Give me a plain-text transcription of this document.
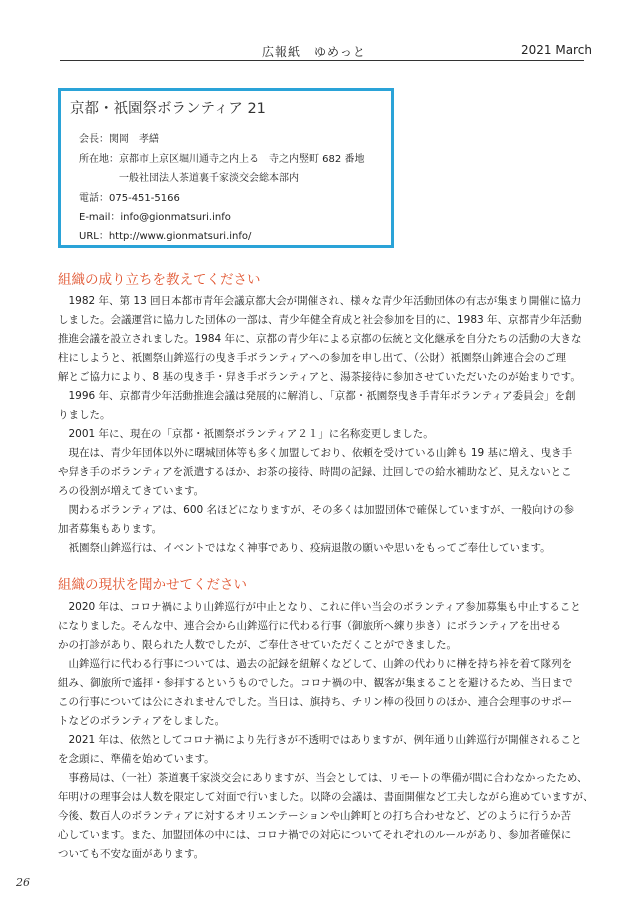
広報紙　ゆめっと	2021 March
京都・祇園祭ボランティア 21
会長：関岡　孝繕
所在地：京都市上京区堀川通寺之内上る　寺之内竪町 682 番地
　　　　一般社団法人茶道裏千家淡交会総本部内
電話：075-451-5166
E-mail：info@gionmatsuri.info
URL：http://www.gionmatsuri.info/
組織の成り立ちを教えてください
　1982 年、第 13 回日本都市青年会議京都大会が開催され、様々な青少年活動団体の有志が集まり開催に協力
しました。会議運営に協力した団体の一部は、青少年健全育成と社会参加を目的に、1983 年、京都青少年活動
推進会議を設立されました。1984 年に、京都の青少年による京都の伝統と文化継承を自分たちの活動の大きな
柱にしようと、祇園祭山鉾巡行の曳き手ボランティアへの参加を申し出て、（公財）祇園祭山鉾連合会のご理
解とご協力により、8 基の曳き手・舁き手ボランティアと、湯茶接待に参加させていただいたのが始まりです。
　1996 年、京都青少年活動推進会議は発展的に解消し、「京都・祇園祭曳き手青年ボランティア委員会」を創
りました。
　2001 年に、現在の「京都・祇園祭ボランティア２１」に名称変更しました。
　現在は、青少年団体以外に曙城団体等も多く加盟しており、依頼を受けている山鉾も 19 基に増え、曳き手
や舁き手のボランティアを派遣するほか、お茶の接待、時間の記録、辻回しでの給水補助など、見えないとこ
ろの役割が増えてきています。
　関わるボランティアは、600 名ほどになりますが、その多くは加盟団体で確保していますが、一般向けの参
加者募集もあります。
　祇園祭山鉾巡行は、イベントではなく神事であり、疫病退散の願いや思いをもってご奉仕しています。
組織の現状を聞かせてください
　2020 年は、コロナ禍により山鉾巡行が中止となり、これに伴い当会のボランティア参加募集も中止すること
になりました。そんな中、連合会から山鉾巡行に代わる行事（御旅所へ練り歩き）にボランティアを出せる
かの打診があり、限られた人数でしたが、ご奉仕させていただくことができました。
　山鉾巡行に代わる行事については、過去の記録を紐解くなどして、山鉾の代わりに榊を持ち裃を着て隊列を
組み、御旅所で遙拝・参拝するというものでした。コロナ禍の中、観客が集まることを避けるため、当日まで
この行事については公にされませんでした。当日は、旗持ち、チリン棒の役回りのほか、連合会理事のサポー
トなどのボランティアをしました。
　2021 年は、依然としてコロナ禍により先行きが不透明ではありますが、例年通り山鉾巡行が開催されること
を念頭に、準備を始めています。
　事務局は、（一社）茶道裏千家淡交会にありますが、当会としては、リモートの準備が間に合わなかったため、
年明けの理事会は人数を限定して対面で行いました。以降の会議は、書面開催など工夫しながら進めていますが、
今後、数百人のボランティアに対するオリエンテーションや山鉾町との打ち合わせなど、どのように行うか苦
心しています。また、加盟団体の中には、コロナ禍での対応についてそれぞれのルールがあり、参加者確保に
ついても不安な面があります。
26
